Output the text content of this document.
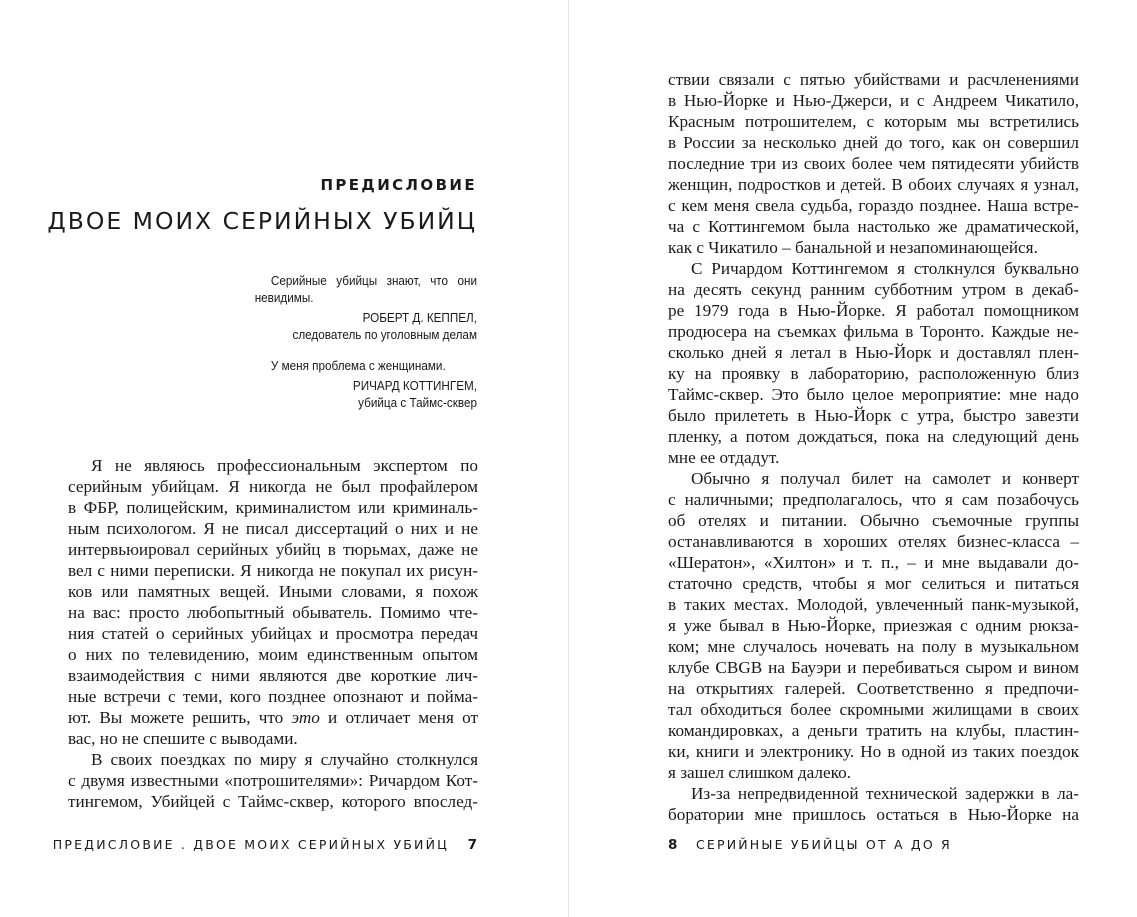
ПРЕДИСЛОВИЕ
ДВОЕ МОИХ СЕРИЙНЫХ УБИЙЦ
Серийные убийцы знают, что они невидимы.
РОБЕРТ Д. КЕППЕЛ,
следователь по уголовным делам
У меня проблема с женщинами.
РИЧАРД КОТТИНГЕМ,
убийца с Таймс-сквер
Я не являюсь профессиональным экспертом по
серийным убийцам. Я никогда не был профайлером
в ФБР, полицейским, криминалистом или криминаль-
ным психологом. Я не писал диссертаций о них и не
интервьюировал серийных убийц в тюрьмах, даже не
вел с ними переписки. Я никогда не покупал их рисун-
ков или памятных вещей. Иными словами, я похож
на вас: просто любопытный обыватель. Помимо чте-
ния статей о серийных убийцах и просмотра передач
о них по телевидению, моим единственным опытом
взаимодействия с ними являются две короткие лич-
ные встречи с теми, кого позднее опознают и пойма-
ют. Вы можете решить, что это и отличает меня от
вас, но не спешите с выводами.
В своих поездках по миру я случайно столкнулся
с двумя известными «потрошителями»: Ричардом Кот-
тингемом, Убийцей с Таймс-сквер, которого впослед-
ПРЕДИСЛОВИЕ . ДВОЕ МОИХ СЕРИЙНЫХ УБИЙЦ 7
ствии связали с пятью убийствами и расчленениями
в Нью-Йорке и Нью-Джерси, и с Андреем Чикатило,
Красным потрошителем, с которым мы встретились
в России за несколько дней до того, как он совершил
последние три из своих более чем пятидесяти убийств
женщин, подростков и детей. В обоих случаях я узнал,
с кем меня свела судьба, гораздо позднее. Наша встре-
ча с Коттингемом была настолько же драматической,
как с Чикатило – банальной и незапоминающейся.
С Ричардом Коттингемом я столкнулся буквально
на десять секунд ранним субботним утром в декаб-
ре 1979 года в Нью-Йорке. Я работал помощником
продюсера на съемках фильма в Торонто. Каждые не-
сколько дней я летал в Нью-Йорк и доставлял плен-
ку на проявку в лабораторию, расположенную близ
Таймс-сквер. Это было целое мероприятие: мне надо
было прилететь в Нью-Йорк с утра, быстро завезти
пленку, а потом дождаться, пока на следующий день
мне ее отдадут.
Обычно я получал билет на самолет и конверт
с наличными; предполагалось, что я сам позабочусь
об отелях и питании. Обычно съемочные группы
останавливаются в хороших отелях бизнес-класса –
«Шератон», «Хилтон» и т. п., – и мне выдавали до-
статочно средств, чтобы я мог селиться и питаться
в таких местах. Молодой, увлеченный панк-музыкой,
я уже бывал в Нью-Йорке, приезжая с одним рюкза-
ком; мне случалось ночевать на полу в музыкальном
клубе CBGB на Бауэри и перебиваться сыром и вином
на открытиях галерей. Соответственно я предпочи-
тал обходиться более скромными жилищами в своих
командировках, а деньги тратить на клубы, пластин-
ки, книги и электронику. Но в одной из таких поездок
я зашел слишком далеко.
Из-за непредвиденной технической задержки в ла-
боратории мне пришлось остаться в Нью-Йорке на
8 СЕРИЙНЫЕ УБИЙЦЫ ОТ А ДО Я
